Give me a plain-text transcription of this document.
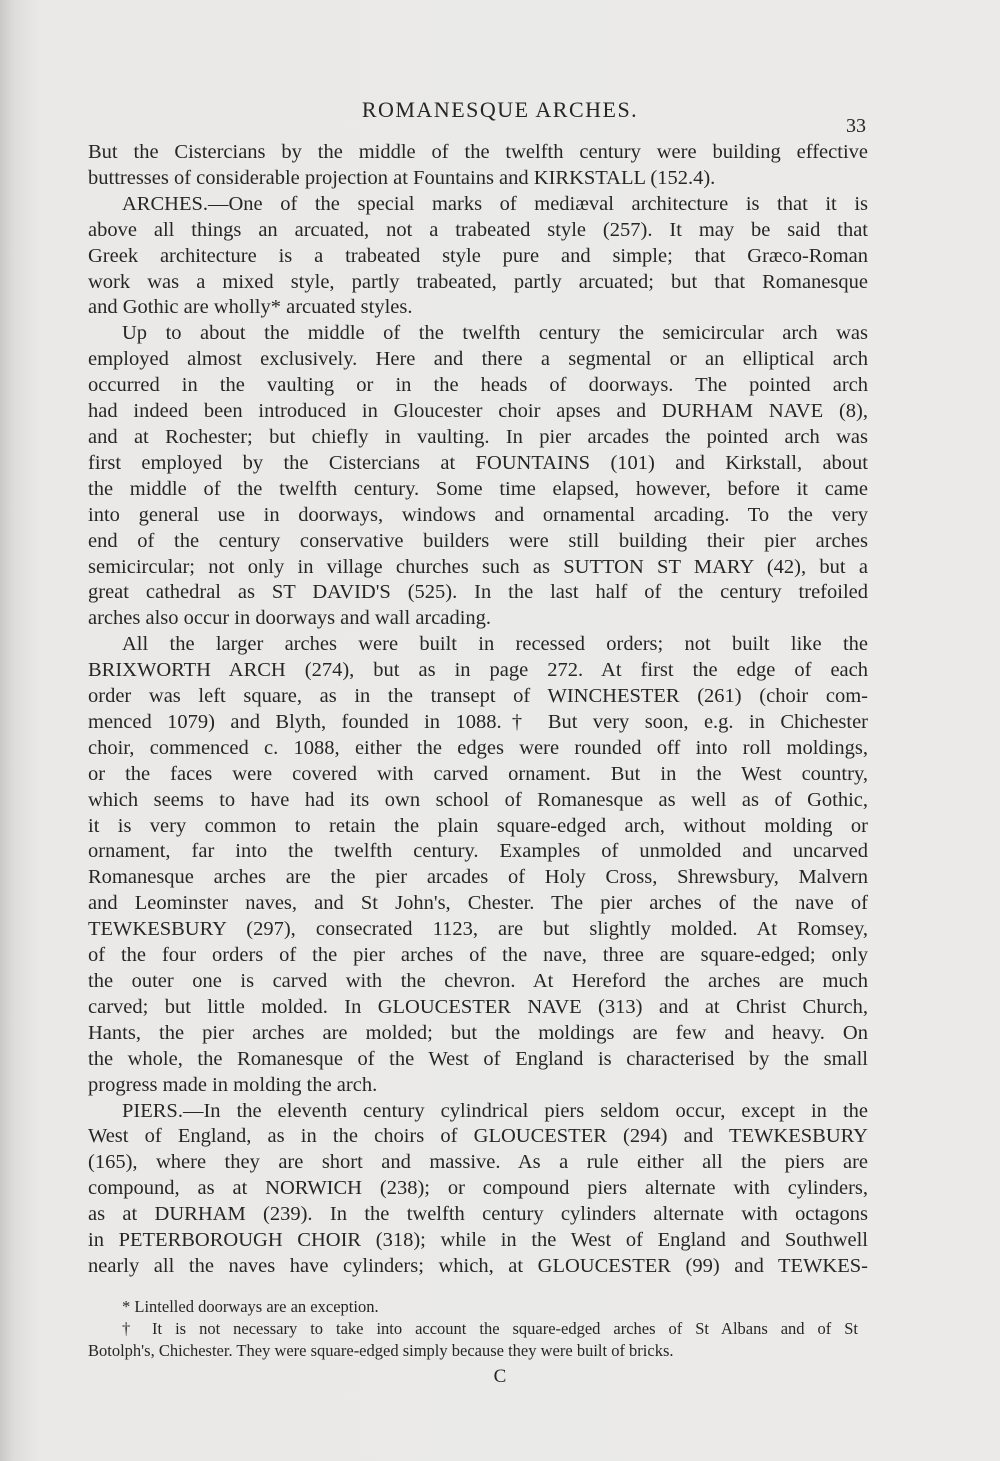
ROMANESQUE ARCHES.
33
But the Cistercians by the middle of the twelfth century were building effective
buttresses of considerable projection at Fountains and KIRKSTALL (152.4).
ARCHES.—One of the special marks of mediæval architecture is that it is
above all things an arcuated, not a trabeated style (257). It may be said that
Greek architecture is a trabeated style pure and simple; that Græco-Roman
work was a mixed style, partly trabeated, partly arcuated; but that Romanesque
and Gothic are wholly* arcuated styles.
Up to about the middle of the twelfth century the semicircular arch was
employed almost exclusively. Here and there a segmental or an elliptical arch
occurred in the vaulting or in the heads of doorways. The pointed arch
had indeed been introduced in Gloucester choir apses and DURHAM NAVE (8),
and at Rochester; but chiefly in vaulting. In pier arcades the pointed arch was
first employed by the Cistercians at FOUNTAINS (101) and Kirkstall, about
the middle of the twelfth century. Some time elapsed, however, before it came
into general use in doorways, windows and ornamental arcading. To the very
end of the century conservative builders were still building their pier arches
semicircular; not only in village churches such as SUTTON ST MARY (42), but a
great cathedral as ST DAVID'S (525). In the last half of the century trefoiled
arches also occur in doorways and wall arcading.
All the larger arches were built in recessed orders; not built like the
BRIXWORTH ARCH (274), but as in page 272. At first the edge of each
order was left square, as in the transept of WINCHESTER (261) (choir com-
menced 1079) and Blyth, founded in 1088.† But very soon, e.g. in Chichester
choir, commenced c. 1088, either the edges were rounded off into roll moldings,
or the faces were covered with carved ornament. But in the West country,
which seems to have had its own school of Romanesque as well as of Gothic,
it is very common to retain the plain square-edged arch, without molding or
ornament, far into the twelfth century. Examples of unmolded and uncarved
Romanesque arches are the pier arcades of Holy Cross, Shrewsbury, Malvern
and Leominster naves, and St John's, Chester. The pier arches of the nave of
TEWKESBURY (297), consecrated 1123, are but slightly molded. At Romsey,
of the four orders of the pier arches of the nave, three are square-edged; only
the outer one is carved with the chevron. At Hereford the arches are much
carved; but little molded. In GLOUCESTER NAVE (313) and at Christ Church,
Hants, the pier arches are molded; but the moldings are few and heavy. On
the whole, the Romanesque of the West of England is characterised by the small
progress made in molding the arch.
PIERS.—In the eleventh century cylindrical piers seldom occur, except in the
West of England, as in the choirs of GLOUCESTER (294) and TEWKESBURY
(165), where they are short and massive. As a rule either all the piers are
compound, as at NORWICH (238); or compound piers alternate with cylinders,
as at DURHAM (239). In the twelfth century cylinders alternate with octagons
in PETERBOROUGH CHOIR (318); while in the West of England and Southwell
nearly all the naves have cylinders; which, at GLOUCESTER (99) and TEWKES-
* Lintelled doorways are an exception.
† It is not necessary to take into account the square-edged arches of St Albans and of St
Botolph's, Chichester. They were square-edged simply because they were built of bricks.
C
